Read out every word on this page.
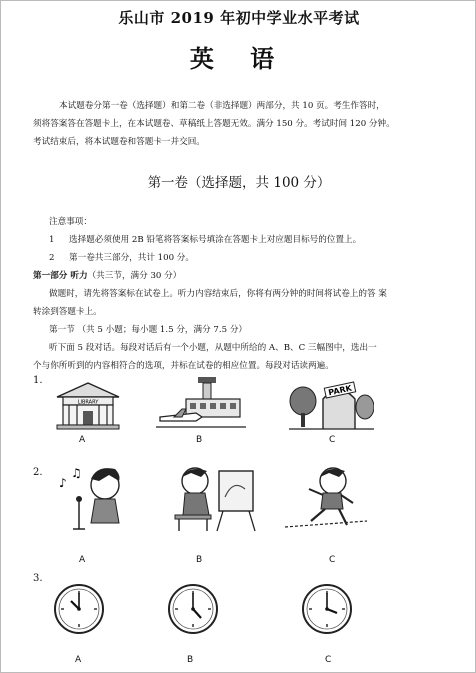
乐山市 2019 年初中学业水平考试
英 语
本试题卷分第一卷（选择题）和第二卷（非选择题）两部分，共 10 页。考生作答时，
须将答案答在答题卡上，在本试题卷、草稿纸上答题无效。满分 150 分。考试时间 120 分钟。
考试结束后，将本试题卷和答题卡一并交回。
第一卷（选择题，共 100 分）
注意事项：
1 选择题必须使用 2B 铅笔将答案标号填涂在答题卡上对应题目标号的位置上。
2 第一卷共三部分，共计 100 分。
第一部分 听力（共三节，满分 30 分）
做题时，请先将答案标在试卷上。听力内容结束后，你将有两分钟的时间将试卷上的答 案
转涂到答题卡上。
第一节 （共 5 小题；每小题 1.5 分，满分 7.5 分）
听下面 5 段对话。每段对话后有一个小题，从题中所给的 A、B、C 三幅图中，选出一
个与你所听到的内容相符合的选项，并标在试卷的相应位置。每段对话读两遍。
1.
LIBRARY
PARK
A	B	C
2.
♪
♫
A	B	C
3.
A	B	C
